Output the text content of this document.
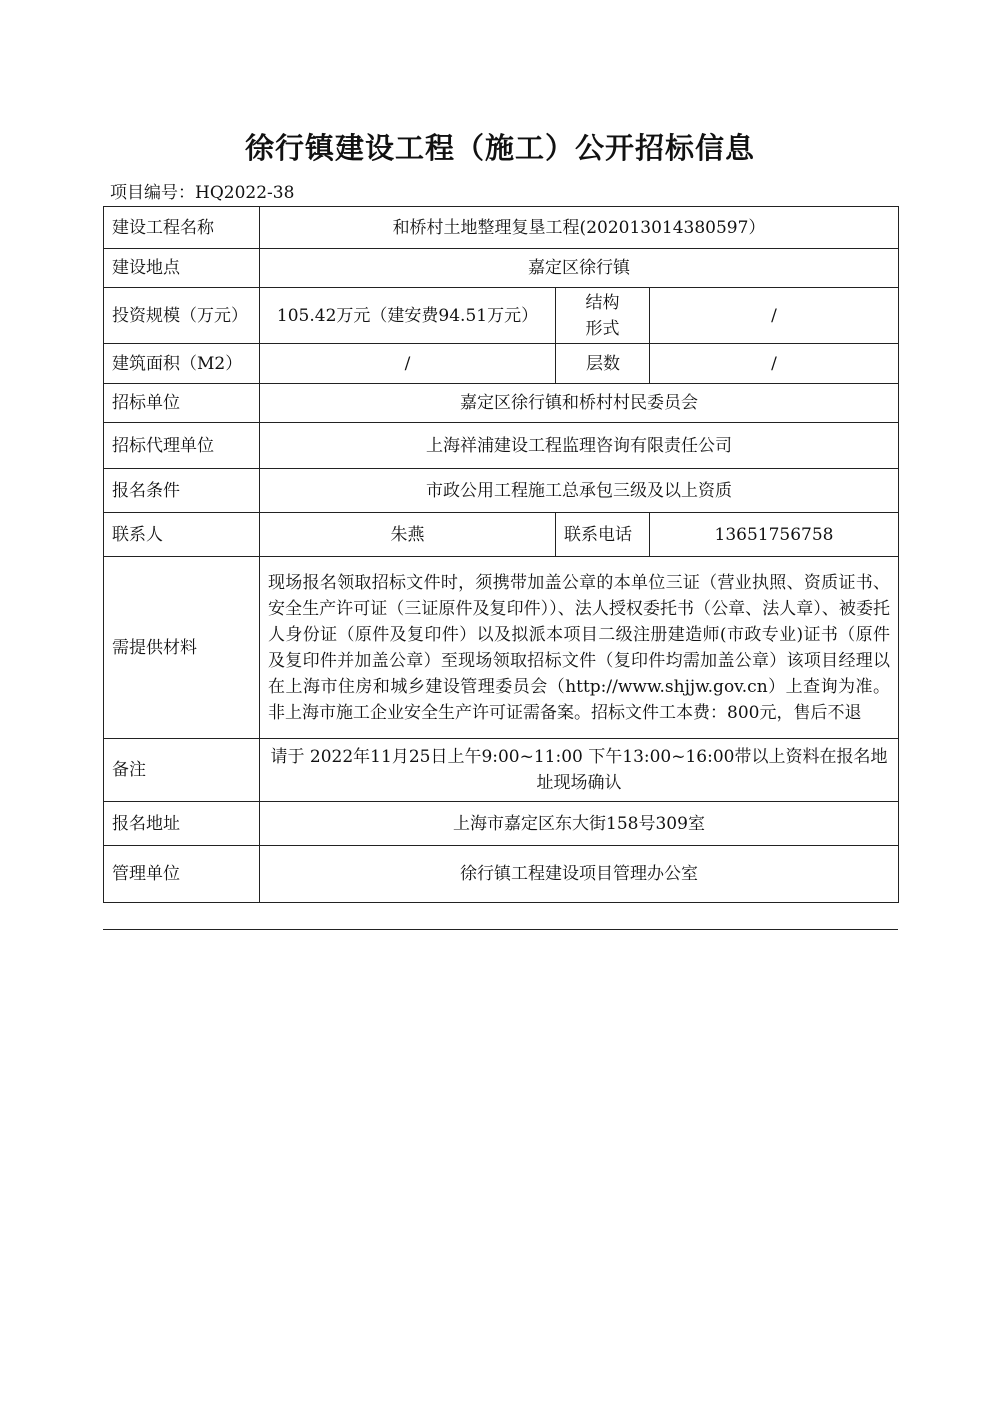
徐行镇建设工程（施工）公开招标信息
项目编号：HQ2022-38
建设工程名称	和桥村土地整理复垦工程(202013014380597）		
建设地点	嘉定区徐行镇		
投资规模（万元）	105.42万元（建安费94.51万元）	结构形式	/
建筑面积（M2）	/	层数	/
招标单位	嘉定区徐行镇和桥村村民委员会		
招标代理单位	上海祥浦建设工程监理咨询有限责任公司		
报名条件	市政公用工程施工总承包三级及以上资质		
联系人	朱燕	联系电话	13651756758
需提供材料	现场报名领取招标文件时，须携带加盖公章的本单位三证（营业执照、资质证书、安全生产许可证（三证原件及复印件））、法人授权委托书（公章、法人章）、被委托人身份证（原件及复印件）以及拟派本项目二级注册建造师(市政专业)证书（原件及复印件并加盖公章）至现场领取招标文件（复印件均需加盖公章）该项目经理以在上海市住房和城乡建设管理委员会（http://www.shjjw.gov.cn）上查询为准。非上海市施工企业安全生产许可证需备案。招标文件工本费：800元，售后不退		
备注	请于 2022年11月25日上午9:00~11:00 下午13:00~16:00带以上资料在报名地址现场确认		
报名地址	上海市嘉定区东大街158号309室		
管理单位	徐行镇工程建设项目管理办公室		
